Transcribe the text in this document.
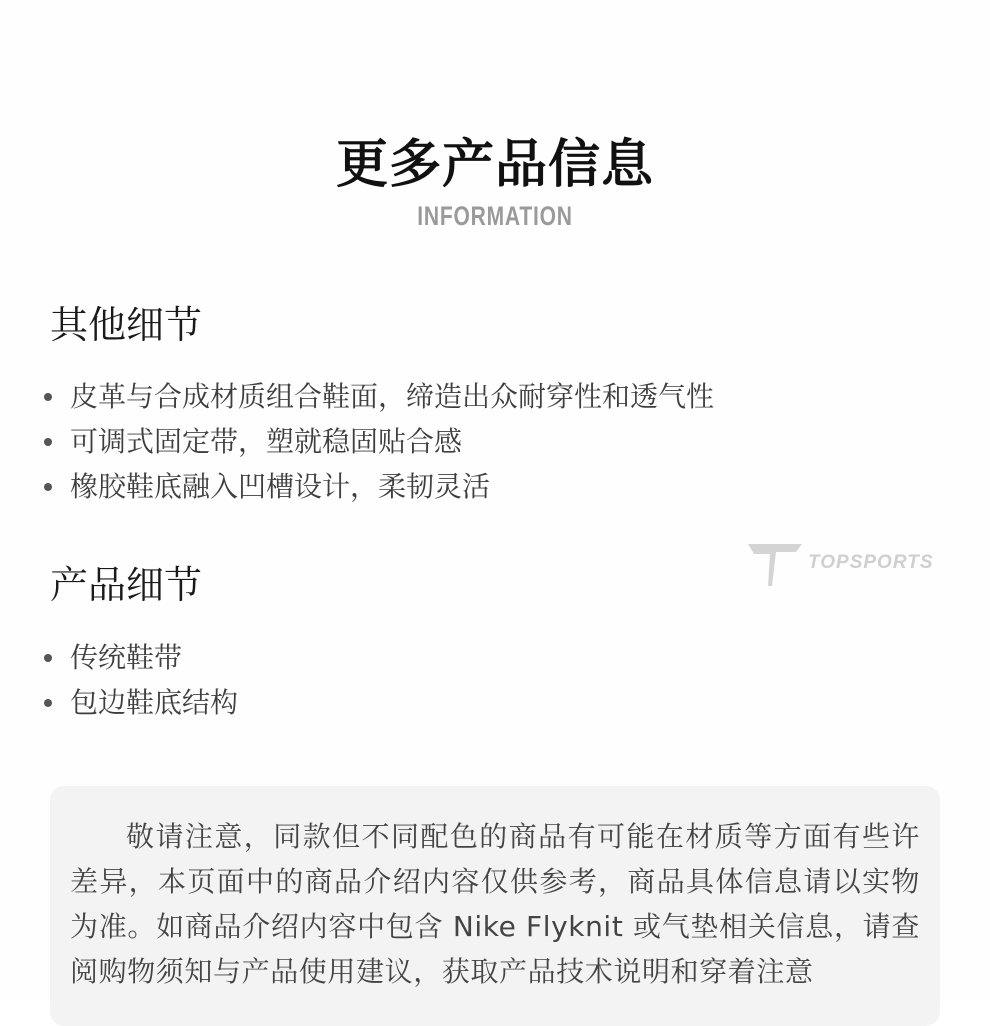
更多产品信息
INFORMATION
其他细节
皮革与合成材质组合鞋面，缔造出众耐穿性和透气性
可调式固定带，塑就稳固贴合感
橡胶鞋底融入凹槽设计，柔韧灵活
TOPSPORTS
产品细节
传统鞋带
包边鞋底结构

敬请注意，同款但不同配色的商品有可能在材质等方面有些许差异，本页面中的商品介绍内容仅供参考，商品具体信息请以实物为准。如商品介绍内容中包含 Nike Flyknit 或气垫相关信息，请查阅购物须知与产品使用建议，获取产品技术说明和穿着注意
